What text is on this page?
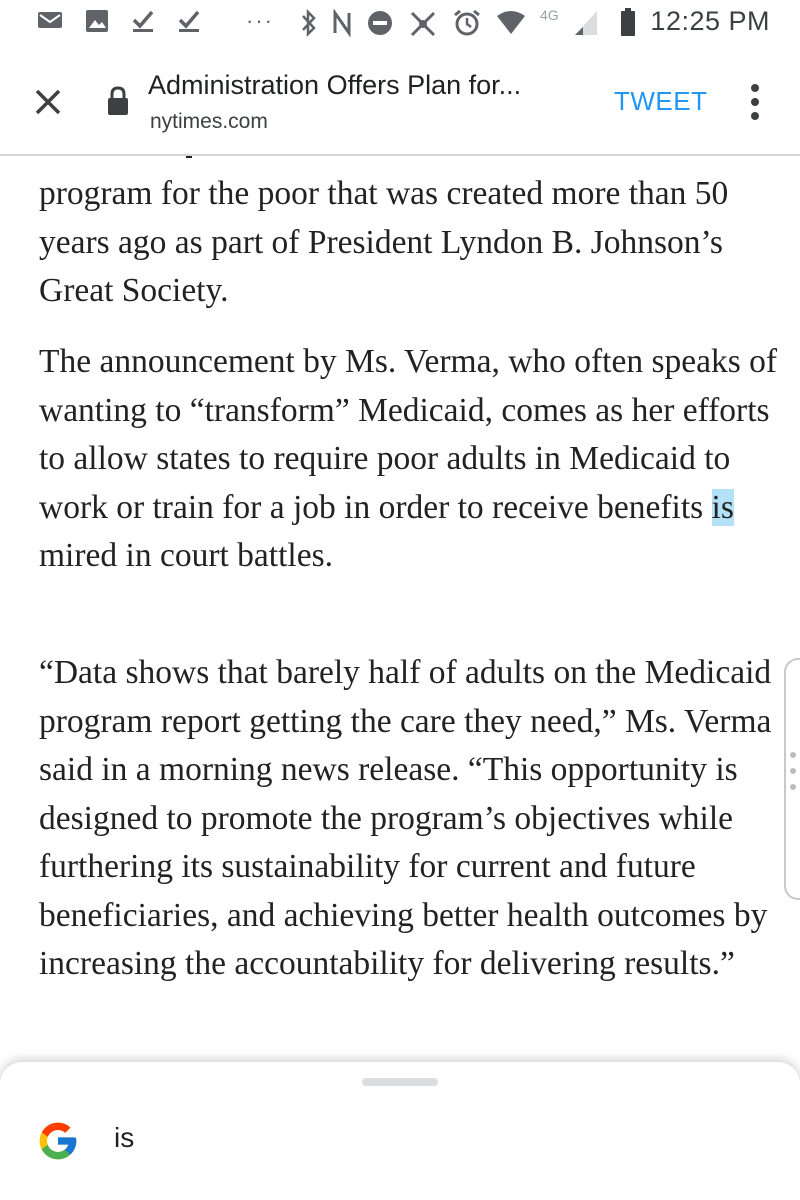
···	4G	12:25 PM
Administration Offers Plan for...
nytimes.com
TWEET

program for the poor that was created more than 50 years ago as part of President Lyndon B. Johnson’s Great Society.

The announcement by Ms. Verma, who often speaks of wanting to “transform” Medicaid, comes as her efforts to allow states to require poor adults in Medicaid to work or train for a job in order to receive benefits is mired in court battles.

“Data shows that barely half of adults on the Medicaid program report getting the care they need,” Ms. Verma said in a morning news release. “This opportunity is designed to promote the program’s objectives while furthering its sustainability for current and future beneficiaries, and achieving better health outcomes by increasing the accountability for delivering results.”

is
